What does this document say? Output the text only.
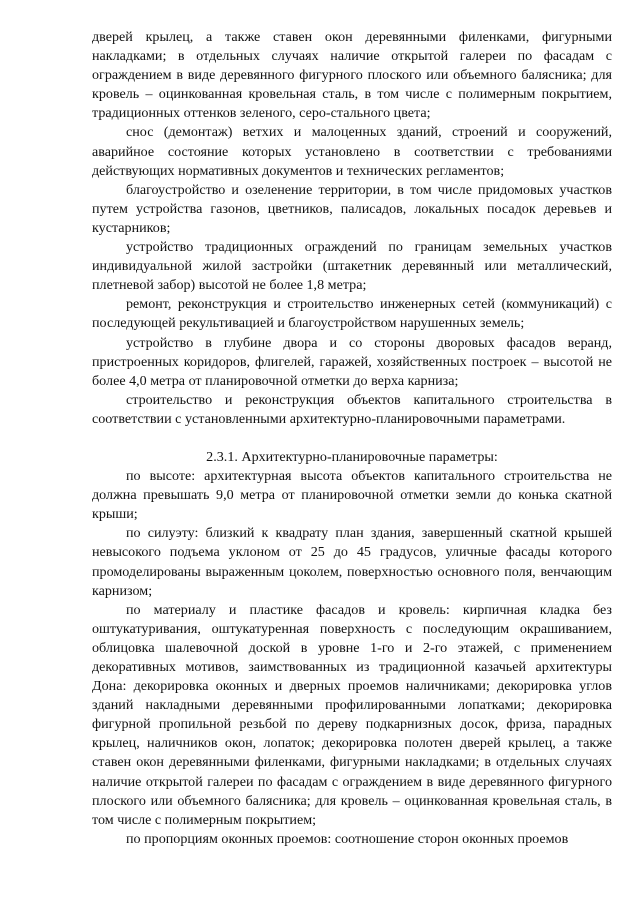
дверей крылец, а также ставен окон деревянными филенками, фигурными накладками; в отдельных случаях наличие открытой галереи по фасадам с ограждением в виде деревянного фигурного плоского или объемного балясника; для кровель – оцинкованная кровельная сталь, в том числе с полимерным покрытием, традиционных оттенков зеленого, серо-стального цвета;

снос (демонтаж) ветхих и малоценных зданий, строений и сооружений, аварийное состояние которых установлено в соответствии с требованиями действующих нормативных документов и технических регламентов;

благоустройство и озеленение территории, в том числе придомовых участков путем устройства газонов, цветников, палисадов, локальных посадок деревьев и кустарников;

устройство традиционных ограждений по границам земельных участков индивидуальной жилой застройки (штакетник деревянный или металлический, плетневой забор) высотой не более 1,8 метра;

ремонт, реконструкция и строительство инженерных сетей (коммуникаций) с последующей рекультивацией и благоустройством нарушенных земель;

устройство в глубине двора и со стороны дворовых фасадов веранд, пристроенных коридоров, флигелей, гаражей, хозяйственных построек – высотой не более 4,0 метра от планировочной отметки до верха карниза;

строительство и реконструкция объектов капитального строительства в соответствии с установленными архитектурно-планировочными параметрами.

2.3.1. Архитектурно-планировочные параметры:

по высоте: архитектурная высота объектов капитального строительства не должна превышать 9,0 метра от планировочной отметки земли до конька скатной крыши;

по силуэту: близкий к квадрату план здания, завершенный скатной крышей невысокого подъема уклоном от 25 до 45 градусов, уличные фасады которого промоделированы выраженным цоколем, поверхностью основного поля, венчающим карнизом;

по материалу и пластике фасадов и кровель: кирпичная кладка без оштукатуривания, оштукатуренная поверхность с последующим окрашиванием, облицовка шалевочной доской в уровне 1-го и 2-го этажей, с применением декоративных мотивов, заимствованных из традиционной казачьей архитектуры Дона: декорировка оконных и дверных проемов наличниками; декорировка углов зданий накладными деревянными профилированными лопатками; декорировка фигурной пропильной резьбой по дереву подкарнизных досок, фриза, парадных крылец, наличников окон, лопаток; декорировка полотен дверей крылец, а также ставен окон деревянными филенками, фигурными накладками; в отдельных случаях наличие открытой галереи по фасадам с ограждением в виде деревянного фигурного плоского или объемного балясника; для кровель – оцинкованная кровельная сталь, в том числе с полимерным покрытием;

по пропорциям оконных проемов: соотношение сторон оконных проемов
